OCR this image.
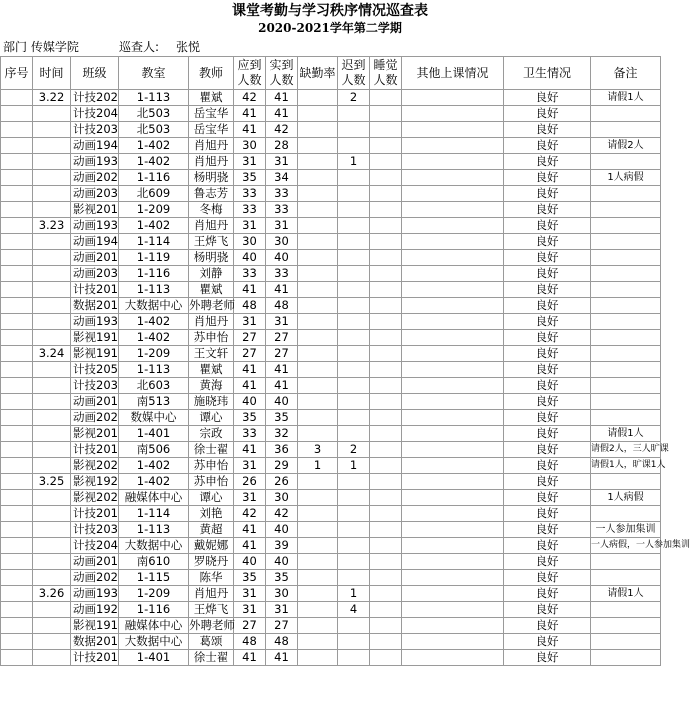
课堂考勤与学习秩序情况巡查表
2020-2021学年第二学期
部门 传媒学院	巡查人: 张悦
序号	时间	班级	教室	教师	应到人数	实到人数	缺勤率	迟到人数	睡觉人数	其他上课情况	卫生情况	备注
	3.22	计技202	1-113	瞿斌	42	41		2			良好	请假1人
		计技204	北503	岳宝华	41	41					良好	
		计技203	北503	岳宝华	41	42					良好	
		动画194	1-402	肖旭丹	30	28					良好	请假2人
		动画193	1-402	肖旭丹	31	31		1			良好	
		动画202	1-116	杨明骁	35	34					良好	1人病假
		动画203	北609	鲁志芳	33	33					良好	
		影视201	1-209	冬梅	33	33					良好	
	3.23	动画193	1-402	肖旭丹	31	31					良好	
		动画194	1-114	王烨飞	30	30					良好	
		动画201	1-119	杨明骁	40	40					良好	
		动画203	1-116	刘静	33	33					良好	
		计技201	1-113	瞿斌	41	41					良好	
		数据201	大数据中心	外聘老师	48	48					良好	
		动画193	1-402	肖旭丹	31	31					良好	
		影视191	1-402	苏申怡	27	27					良好	
	3.24	影视191	1-209	王文轩	27	27					良好	
		计技205	1-113	瞿斌	41	41					良好	
		计技203	北603	黄海	41	41					良好	
		动画201	南513	施晓玮	40	40					良好	
		动画202	数媒中心	谭心	35	35					良好	
		影视201	1-401	宗政	33	32					良好	请假1人
		计技201	南506	徐士翟	41	36	3	2			良好	请假2人，三人旷课
		影视202	1-402	苏申怡	31	29	1	1			良好	请假1人，旷课1人
	3.25	影视192	1-402	苏申怡	26	26					良好	
		影视202	融媒体中心	谭心	31	30					良好	1人病假
		计技201	1-114	刘艳	42	42					良好	
		计技203	1-113	黄超	41	40					良好	一人参加集训
		计技204	大数据中心	戴妮娜	41	39					良好	一人病假，一人参加集训
		动画201	南610	罗晓丹	40	40					良好	
		动画202	1-115	陈华	35	35					良好	
	3.26	动画193	1-209	肖旭丹	31	30		1			良好	请假1人
		动画192	1-116	王烨飞	31	31		4			良好	
		影视191	融媒体中心	外聘老师	27	27					良好	
		数据201	大数据中心	葛颂	48	48					良好	
		计技201	1-401	徐士翟	41	41					良好	
